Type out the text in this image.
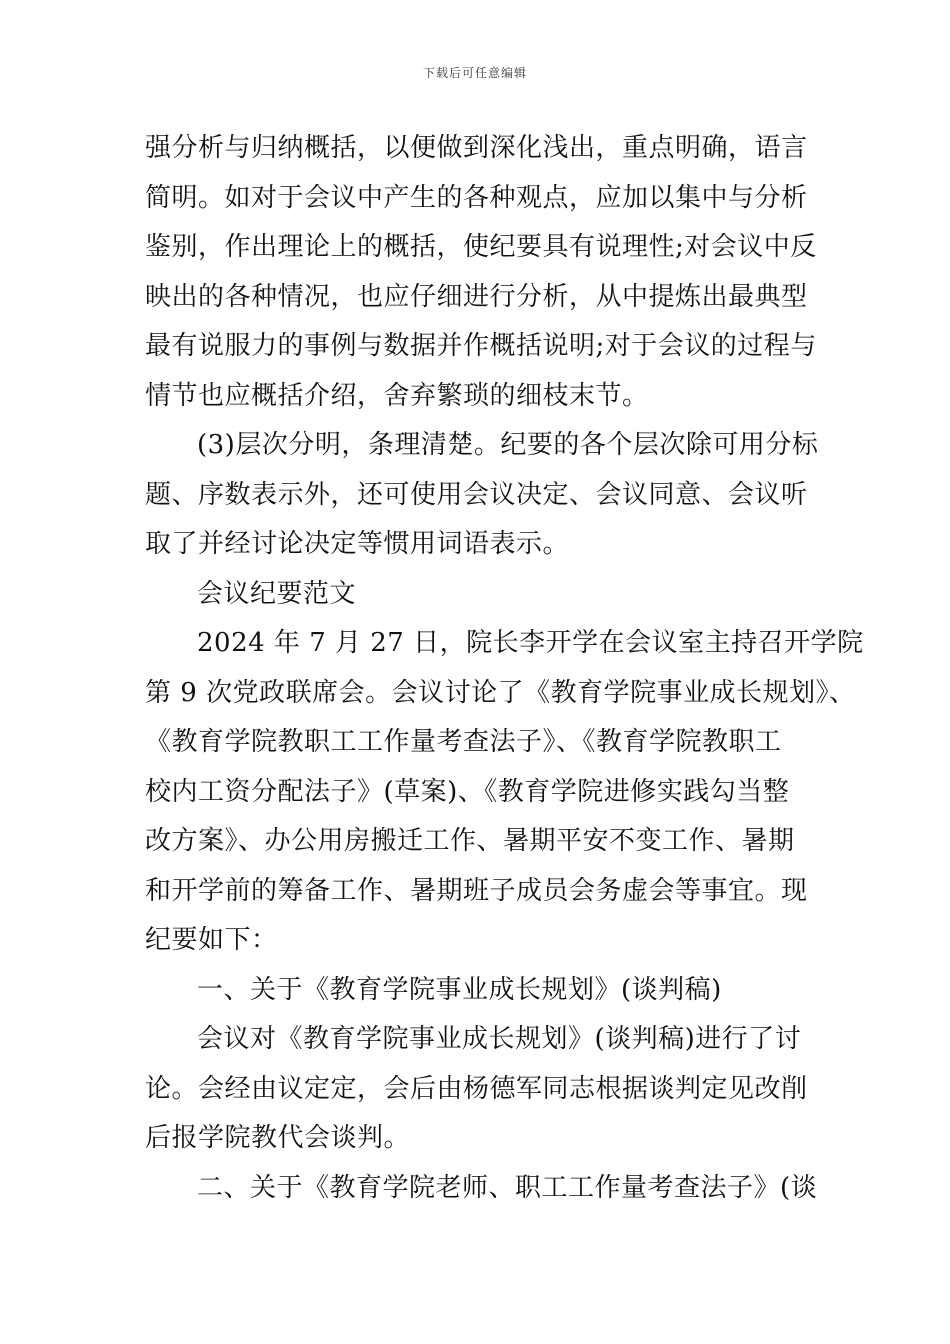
下载后可任意编辑
强分析与归纳概括，以便做到深化浅出，重点明确，语言
简明。如对于会议中产生的各种观点，应加以集中与分析
鉴别，作出理论上的概括，使纪要具有说理性;对会议中反
映出的各种情况，也应仔细进行分析，从中提炼出最典型
最有说服力的事例与数据并作概括说明;对于会议的过程与
情节也应概括介绍，舍弃繁琐的细枝末节。
(3)层次分明，条理清楚。纪要的各个层次除可用分标
题、序数表示外，还可使用会议决定、会议同意、会议听
取了并经讨论决定等惯用词语表示。
会议纪要范文
2024 年 7 月 27 日，院长李开学在会议室主持召开学院
第 9 次党政联席会。会议讨论了《教育学院事业成长规划》、
《教育学院教职工工作量考查法子》、《教育学院教职工
校内工资分配法子》(草案)、《教育学院进修实践勾当整
改方案》、办公用房搬迁工作、暑期平安不变工作、暑期
和开学前的筹备工作、暑期班子成员会务虚会等事宜。现
纪要如下：
一、关于《教育学院事业成长规划》(谈判稿)
会议对《教育学院事业成长规划》(谈判稿)进行了讨
论。会经由议定定，会后由杨德军同志根据谈判定见改削
后报学院教代会谈判。
二、关于《教育学院老师、职工工作量考查法子》(谈
